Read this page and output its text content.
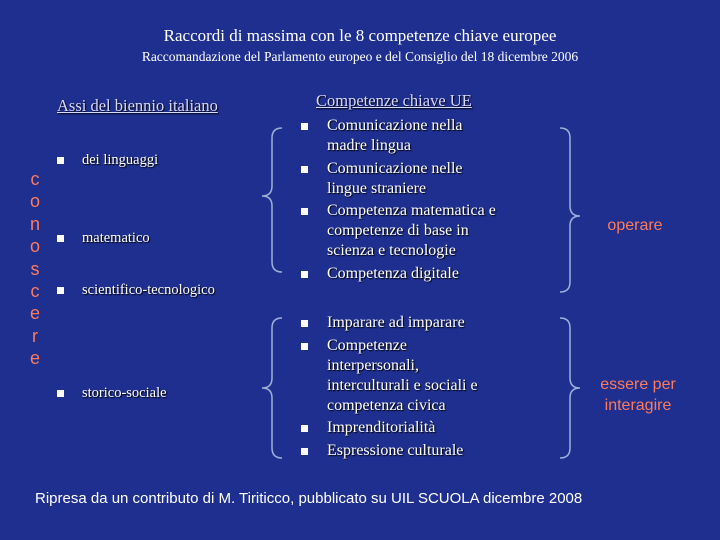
Raccordi di massima con le 8 competenze chiave europee
Raccomandazione del Parlamento europeo e del Consiglio del 18 dicembre 2006
Assi del biennio italiano
c
o
n
o
s
c
e
r
e
dei linguaggi
matematico
scientifico-tecnologico
storico-sociale
Competenze chiave UE
Comunicazione nella
madre lingua
Comunicazione nelle
lingue straniere
Competenza matematica e
competenze di base in
scienza e tecnologie
Competenza digitale
Imparare ad imparare
Competenze
interpersonali,
interculturali e sociali e
competenza civica
Imprenditorialità
Espressione culturale
operare
essere per
interagire
Ripresa da un contributo di M. Tiriticco, pubblicato su UIL SCUOLA dicembre 2008
